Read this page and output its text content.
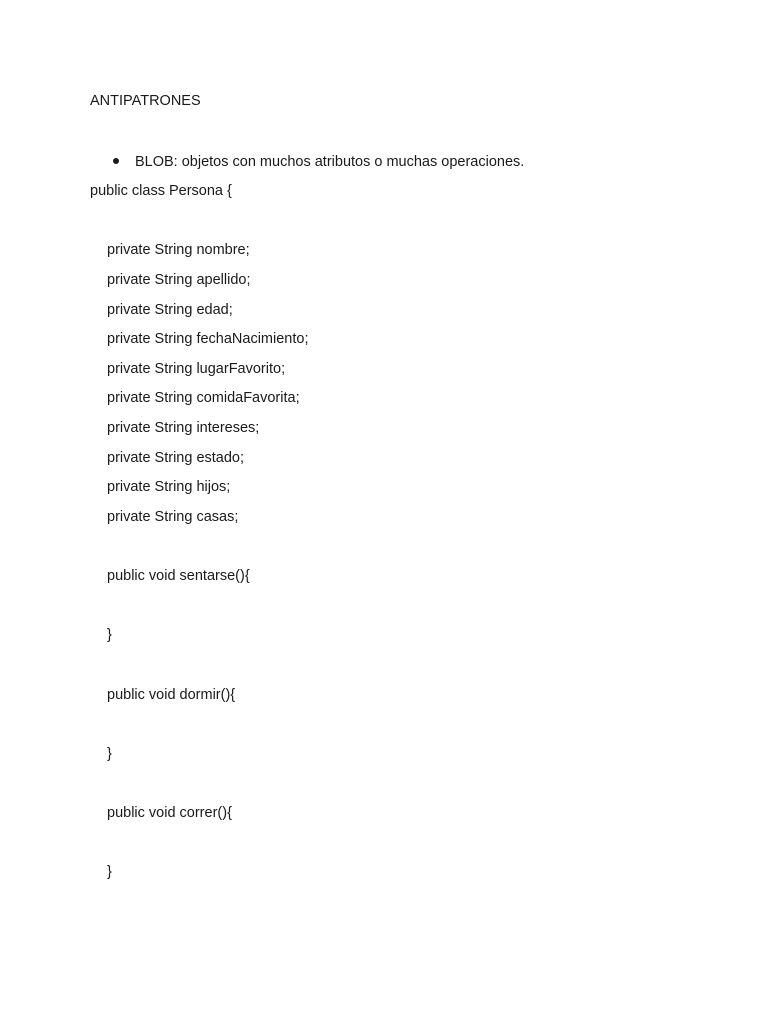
ANTIPATRONES
BLOB: objetos con muchos atributos o muchas operaciones.
public class Persona {
private String nombre;
private String apellido;
private String edad;
private String fechaNacimiento;
private String lugarFavorito;
private String comidaFavorita;
private String intereses;
private String estado;
private String hijos;
private String casas;
public void sentarse(){
}
public void dormir(){
}
public void correr(){
}
